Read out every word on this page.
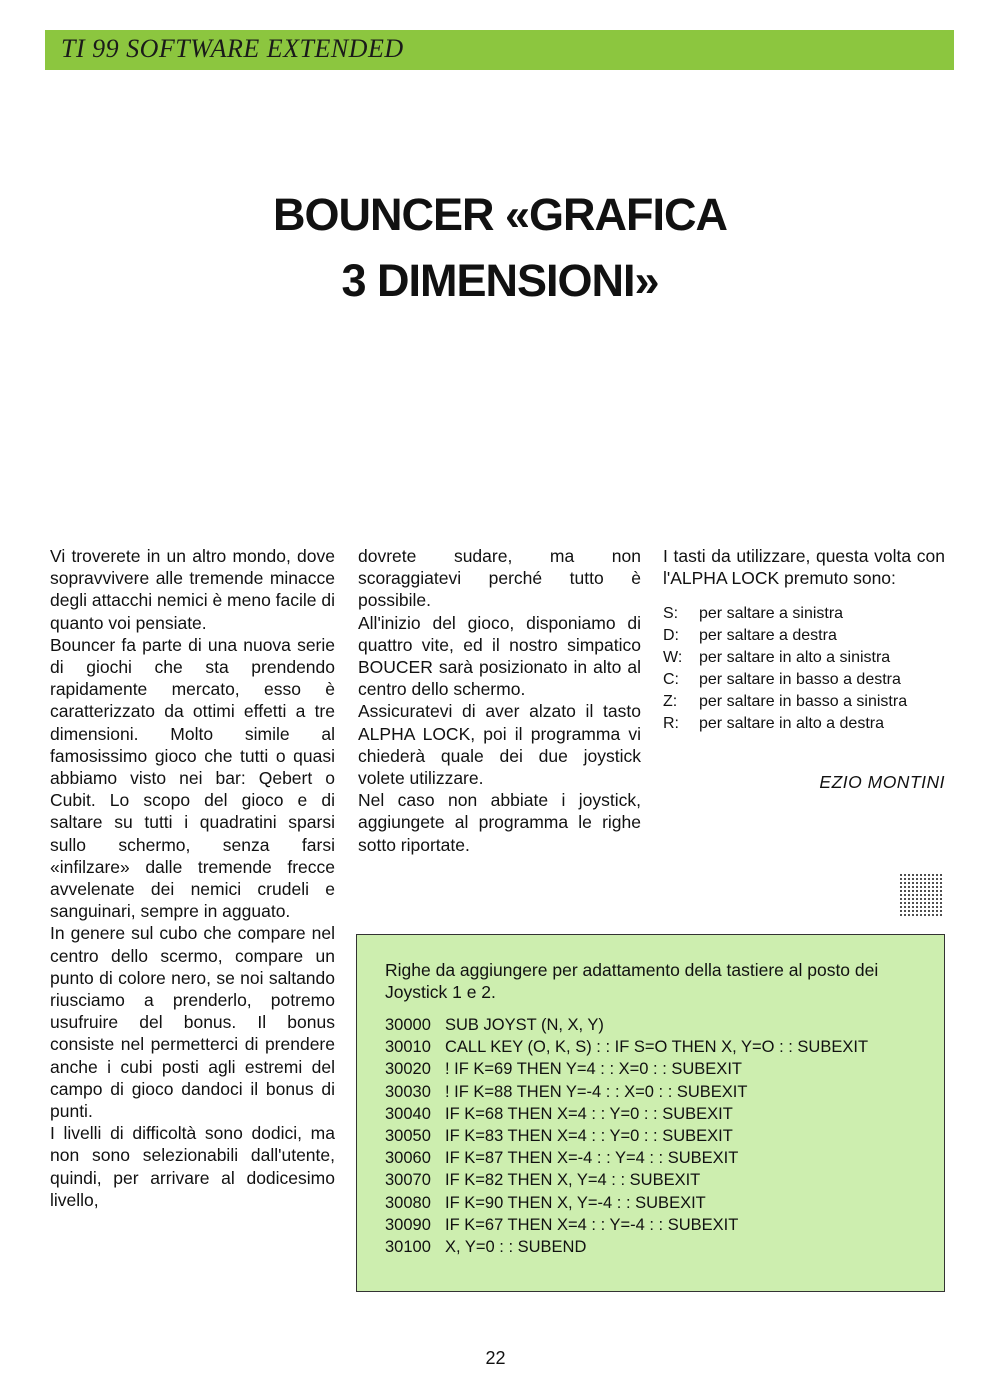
TI 99 SOFTWARE EXTENDED
BOUNCER «GRAFICA
3 DIMENSIONI»

Vi troverete in un altro mondo, dove sopravvivere alle tremende minacce degli attacchi nemici è meno facile di quanto voi pensiate.

Bouncer fa parte di una nuova serie di giochi che sta prendendo rapidamente mercato, esso è caratterizzato da ottimi effetti a tre dimensioni. Molto simile al famosissimo gioco che tutti o quasi abbiamo visto nei bar: Qebert o Cubit. Lo scopo del gioco e di saltare su tutti i quadratini sparsi sullo schermo, senza farsi «infilzare» dalle tremende frecce avvelenate dei nemici crudeli e sanguinari, sempre in agguato.

In genere sul cubo che compare nel centro dello scermo, compare un punto di colore nero, se noi saltando riusciamo a prenderlo, potremo usufruire del bonus. Il bonus consiste nel permetterci di prendere anche i cubi posti agli estremi del campo di gioco dandoci il bonus di punti.

I livelli di difficoltà sono dodici, ma non sono selezionabili dall'utente, quindi, per arrivare al dodicesimo livello,

dovrete sudare, ma non scoraggiatevi perché tutto è possibile.

All'inizio del gioco, disponiamo di quattro vite, ed il nostro simpatico BOUCER sarà posizionato in alto al centro dello schermo.

Assicuratevi di aver alzato il tasto ALPHA LOCK, poi il programma vi chiederà quale dei due joystick volete utilizzare.

Nel caso non abbiate i joystick, aggiungete al programma le righe sotto riportate.

I tasti da utilizzare, questa volta con l'ALPHA LOCK premuto sono:

S:	per saltare a sinistra
D:	per saltare a destra
W:	per saltare in alto a sinistra
C:	per saltare in basso a destra
Z:	per saltare in basso a sinistra
R:	per saltare in alto a destra
EZIO MONTINI

Righe da aggiungere per adattamento della tastiere al posto dei Joystick 1 e 2.

30000 SUB JOYST (N, X, Y)
30010 CALL KEY (O, K, S) : : IF S=O THEN X, Y=O : : SUBEXIT
30020 ! IF K=69 THEN Y=4 : : X=0 : : SUBEXIT
30030 ! IF K=88 THEN Y=-4 : : X=0 : : SUBEXIT
30040 IF K=68 THEN X=4 : : Y=0 : : SUBEXIT
30050 IF K=83 THEN X=4 : : Y=0 : : SUBEXIT
30060 IF K=87 THEN X=-4 : : Y=4 : : SUBEXIT
30070 IF K=82 THEN X, Y=4 : : SUBEXIT
30080 IF K=90 THEN X, Y=-4 : : SUBEXIT
30090 IF K=67 THEN X=4 : : Y=-4 : : SUBEXIT
30100 X, Y=0 : : SUBEND
22
